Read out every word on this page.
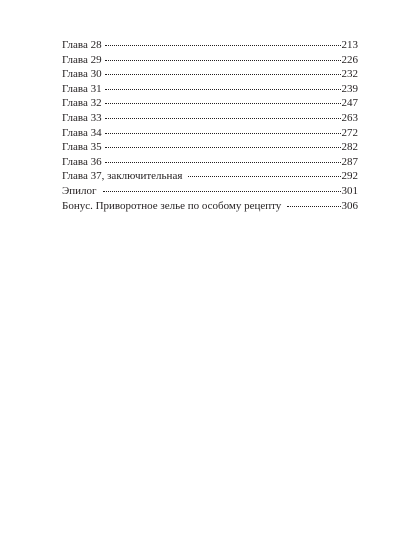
Глава 28	213
Глава 29	226
Глава 30	232
Глава 31	239
Глава 32	247
Глава 33	263
Глава 34	272
Глава 35	282
Глава 36	287
Глава 37, заключительная	292
Эпилог	301
Бонус. Приворотное зелье по особому рецепту	306
